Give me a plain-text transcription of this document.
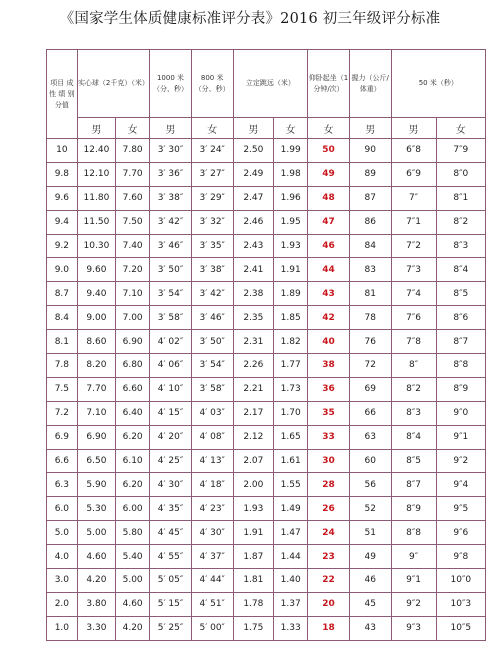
《国家学生体质健康标准评分表》2016 初三年级评分标准
项目 成 性 绩 别 分值	实心球（2千克）（米）		1000 米（分、秒）	800 米（分、秒）	立定跳远（米）		仰卧起坐（1 分钟/次）	握力（公斤/体重）	50 米（秒）	
	男	女	男	女	男	女	女	男	男	女
10	12.40	7.80	3′ 30″	3′ 24″	2.50	1.99	50	90	6″8	7″9
9.8	12.10	7.70	3′ 36″	3′ 27″	2.49	1.98	49	89	6″9	8″0
9.6	11.80	7.60	3′ 38″	3′ 29″	2.47	1.96	48	87	7″	8″1
9.4	11.50	7.50	3′ 42″	3′ 32″	2.46	1.95	47	86	7″1	8″2
9.2	10.30	7.40	3′ 46″	3′ 35″	2.43	1.93	46	84	7″2	8″3
9.0	9.60	7.20	3′ 50″	3′ 38″	2.41	1.91	44	83	7″3	8″4
8.7	9.40	7.10	3′ 54″	3′ 42″	2.38	1.89	43	81	7″4	8″5
8.4	9.00	7.00	3′ 58″	3′ 46″	2.35	1.85	42	78	7″6	8″6
8.1	8.60	6.90	4′ 02″	3′ 50″	2.31	1.82	40	76	7″8	8″7
7.8	8.20	6.80	4′ 06″	3′ 54″	2.26	1.77	38	72	8″	8″8
7.5	7.70	6.60	4′ 10″	3′ 58″	2.21	1.73	36	69	8″2	8″9
7.2	7.10	6.40	4′ 15″	4′ 03″	2.17	1.70	35	66	8″3	9″0
6.9	6.90	6.20	4′ 20″	4′ 08″	2.12	1.65	33	63	8″4	9″1
6.6	6.50	6.10	4′ 25″	4′ 13″	2.07	1.61	30	60	8″5	9″2
6.3	5.90	6.20	4′ 30″	4′ 18″	2.00	1.55	28	56	8″7	9″4
6.0	5.30	6.00	4′ 35″	4′ 23″	1.93	1.49	26	52	8″9	9″5
5.0	5.00	5.80	4′ 45″	4′ 30″	1.91	1.47	24	51	8″8	9″6
4.0	4.60	5.40	4′ 55″	4′ 37″	1.87	1.44	23	49	9″	9″8
3.0	4.20	5.00	5′ 05″	4′ 44″	1.81	1.40	22	46	9″1	10″0
2.0	3.80	4.60	5′ 15″	4′ 51″	1.78	1.37	20	45	9″2	10″3
1.0	3.30	4.20	5′ 25″	5′ 00″	1.75	1.33	18	43	9″3	10″5
